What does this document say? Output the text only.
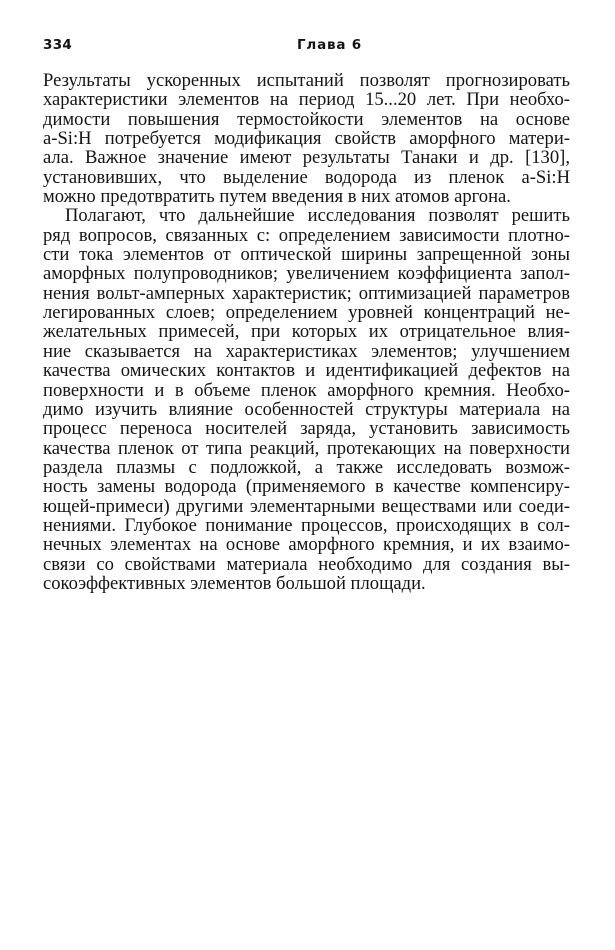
334	Глава 6
Результаты ускоренных испытаний позволят прогнозировать
характеристики элементов на период 15...20 лет. При необхо-
димости повышения термостойкости элементов на основе
a-Si:H потребуется модификация свойств аморфного матери-
ала. Важное значение имеют результаты Танаки и др. [130],
установивших, что выделение водорода из пленок a-Si:H
можно предотвратить путем введения в них атомов аргона.
Полагают, что дальнейшие исследования позволят решить
ряд вопросов, связанных с: определением зависимости плотно-
сти тока элементов от оптической ширины запрещенной зоны
аморфных полупроводников; увеличением коэффициента запол-
нения вольт-амперных характеристик; оптимизацией параметров
легированных слоев; определением уровней концентраций не-
желательных примесей, при которых их отрицательное влия-
ние сказывается на характеристиках элементов; улучшением
качества омических контактов и идентификацией дефектов на
поверхности и в объеме пленок аморфного кремния. Необхо-
димо изучить влияние особенностей структуры материала на
процесс переноса носителей заряда, установить зависимость
качества пленок от типа реакций, протекающих на поверхности
раздела плазмы с подложкой, а также исследовать возмож-
ность замены водорода (применяемого в качестве компенсиру-
ющей-примеси) другими элементарными веществами или соеди-
нениями. Глубокое понимание процессов, происходящих в сол-
нечных элементах на основе аморфного кремния, и их взаимо-
связи со свойствами материала необходимо для создания вы-
сокоэффективных элементов большой площади.
